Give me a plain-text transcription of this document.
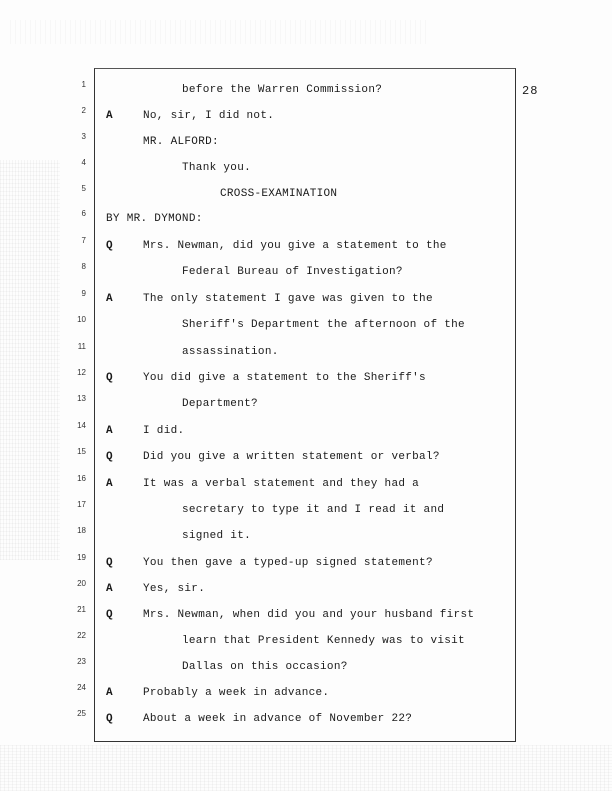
28
1	before the Warren Commission?
2 A	No, sir, I did not.
3	MR. ALFORD:
4	Thank you.
5	CROSS-EXAMINATION
6 BY MR. DYMOND:
7 Q	Mrs. Newman, did you give a statement to the
8	Federal Bureau of Investigation?
9 A	The only statement I gave was given to the
10	Sheriff's Department the afternoon of the
11	assassination.
12 Q	You did give a statement to the Sheriff's
13	Department?
14 A	I did.
15 Q	Did you give a written statement or verbal?
16 A	It was a verbal statement and they had a
17	secretary to type it and I read it and
18	signed it.
19 Q	You then gave a typed-up signed statement?
20 A	Yes, sir.
21 Q	Mrs. Newman, when did you and your husband first
22	learn that President Kennedy was to visit
23	Dallas on this occasion?
24 A	Probably a week in advance.
25 Q	About a week in advance of November 22?
